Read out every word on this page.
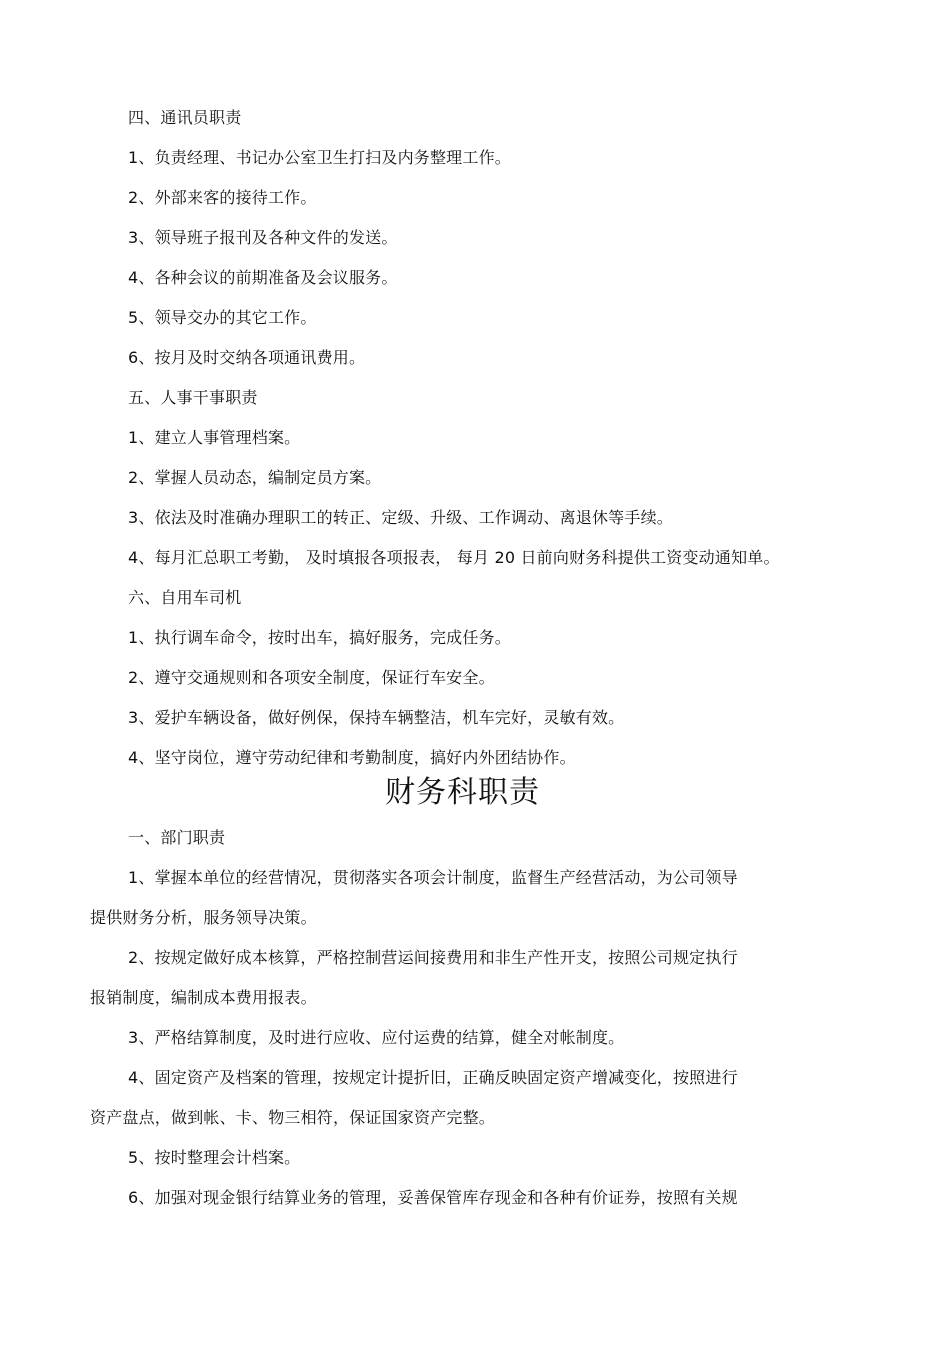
四、通讯员职责
1、负责经理、书记办公室卫生打扫及内务整理工作。
2、外部来客的接待工作。
3、领导班子报刊及各种文件的发送。
4、各种会议的前期准备及会议服务。
5、领导交办的其它工作。
6、按月及时交纳各项通讯费用。
五、人事干事职责
1、建立人事管理档案。
2、掌握人员动态，编制定员方案。
3、依法及时准确办理职工的转正、定级、升级、工作调动、离退休等手续。
4、每月汇总职工考勤， 及时填报各项报表， 每月 20 日前向财务科提供工资变动通知单。
六、自用车司机
1、执行调车命令，按时出车，搞好服务，完成任务。
2、遵守交通规则和各项安全制度，保证行车安全。
3、爱护车辆设备，做好例保，保持车辆整洁，机车完好，灵敏有效。
4、坚守岗位，遵守劳动纪律和考勤制度，搞好内外团结协作。
财务科职责
一、部门职责
1、掌握本单位的经营情况，贯彻落实各项会计制度，监督生产经营活动，为公司领导
提供财务分析，服务领导决策。
2、按规定做好成本核算，严格控制营运间接费用和非生产性开支，按照公司规定执行
报销制度，编制成本费用报表。
3、严格结算制度，及时进行应收、应付运费的结算，健全对帐制度。
4、固定资产及档案的管理，按规定计提折旧，正确反映固定资产增减变化，按照进行
资产盘点，做到帐、卡、物三相符，保证国家资产完整。
5、按时整理会计档案。
6、加强对现金银行结算业务的管理，妥善保管库存现金和各种有价证券，按照有关规
